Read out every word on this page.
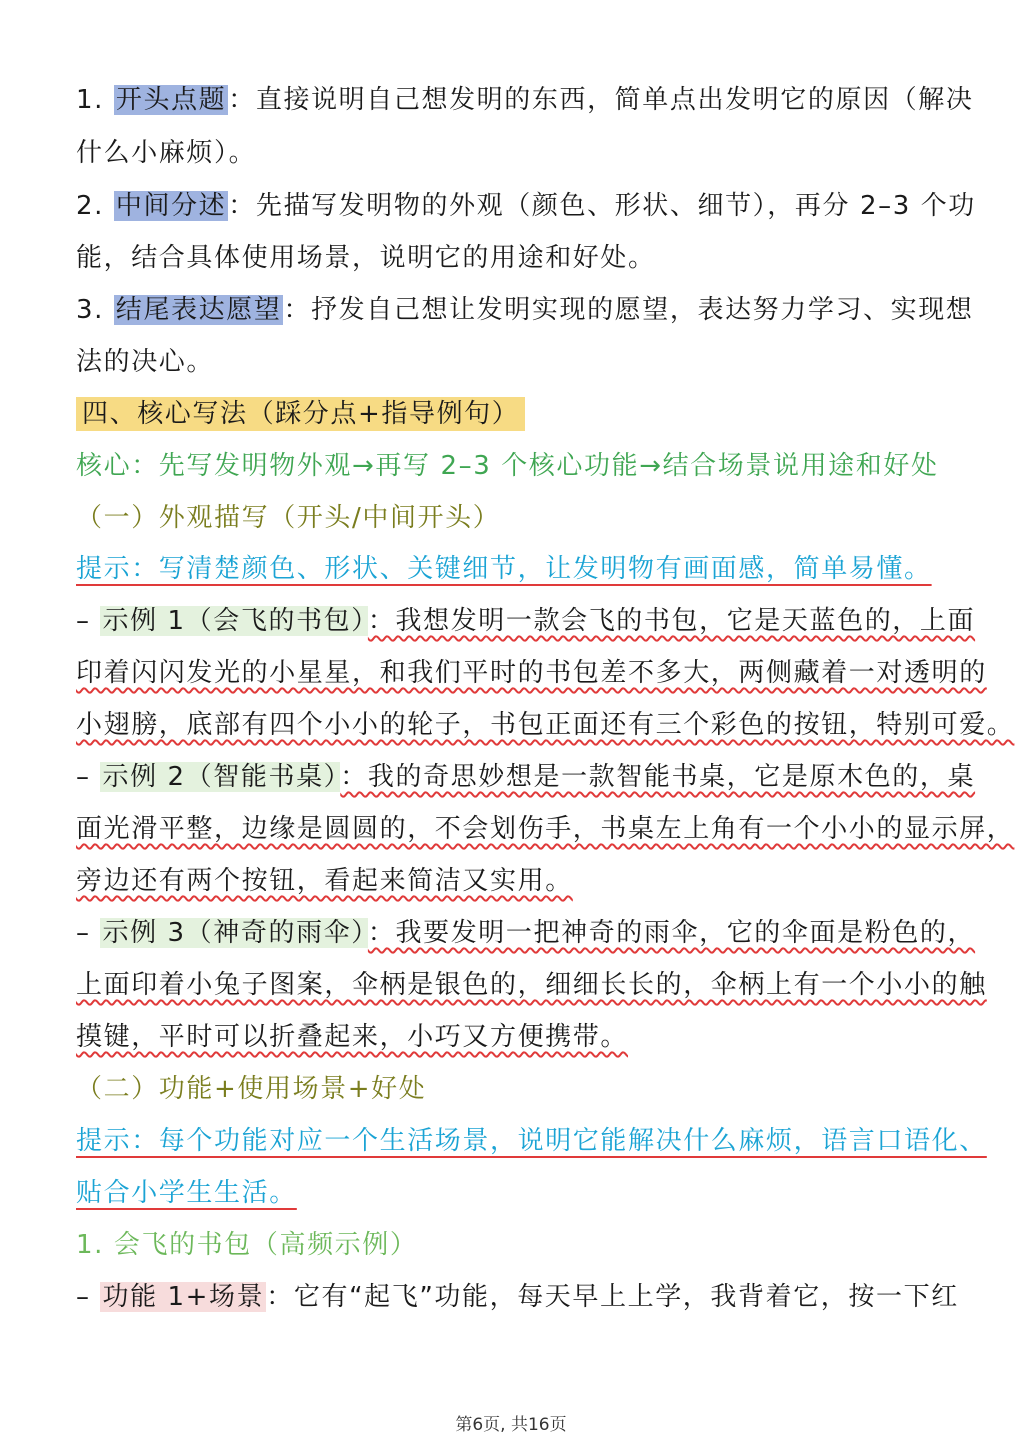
1. 开头点题：直接说明自己想发明的东西，简单点出发明它的原因（解决
什么小麻烦）。
2. 中间分述：先描写发明物的外观（颜色、形状、细节），再分 2–3 个功
能，结合具体使用场景，说明它的用途和好处。
3. 结尾表达愿望：抒发自己想让发明实现的愿望，表达努力学习、实现想
法的决心。
四、核心写法（踩分点+指导例句）
核心：先写发明物外观→再写 2–3 个核心功能→结合场景说用途和好处
（一）外观描写（开头/中间开头）
提示：写清楚颜色、形状、关键细节，让发明物有画面感，简单易懂。
– 示例 1（会飞的书包）：我想发明一款会飞的书包，它是天蓝色的，上面
印着闪闪发光的小星星，和我们平时的书包差不多大，两侧藏着一对透明的
小翅膀，底部有四个小小的轮子，书包正面还有三个彩色的按钮，特别可爱。
– 示例 2（智能书桌）：我的奇思妙想是一款智能书桌，它是原木色的，桌
面光滑平整，边缘是圆圆的，不会划伤手，书桌左上角有一个小小的显示屏，
旁边还有两个按钮，看起来简洁又实用。
– 示例 3（神奇的雨伞）：我要发明一把神奇的雨伞，它的伞面是粉色的，
上面印着小兔子图案，伞柄是银色的，细细长长的，伞柄上有一个小小的触
摸键，平时可以折叠起来，小巧又方便携带。
（二）功能+使用场景+好处
提示：每个功能对应一个生活场景，说明它能解决什么麻烦，语言口语化、
贴合小学生生活。
1. 会飞的书包（高频示例）
– 功能 1+场景：它有“起飞”功能，每天早上上学，我背着它，按一下红
第6页, 共16页
